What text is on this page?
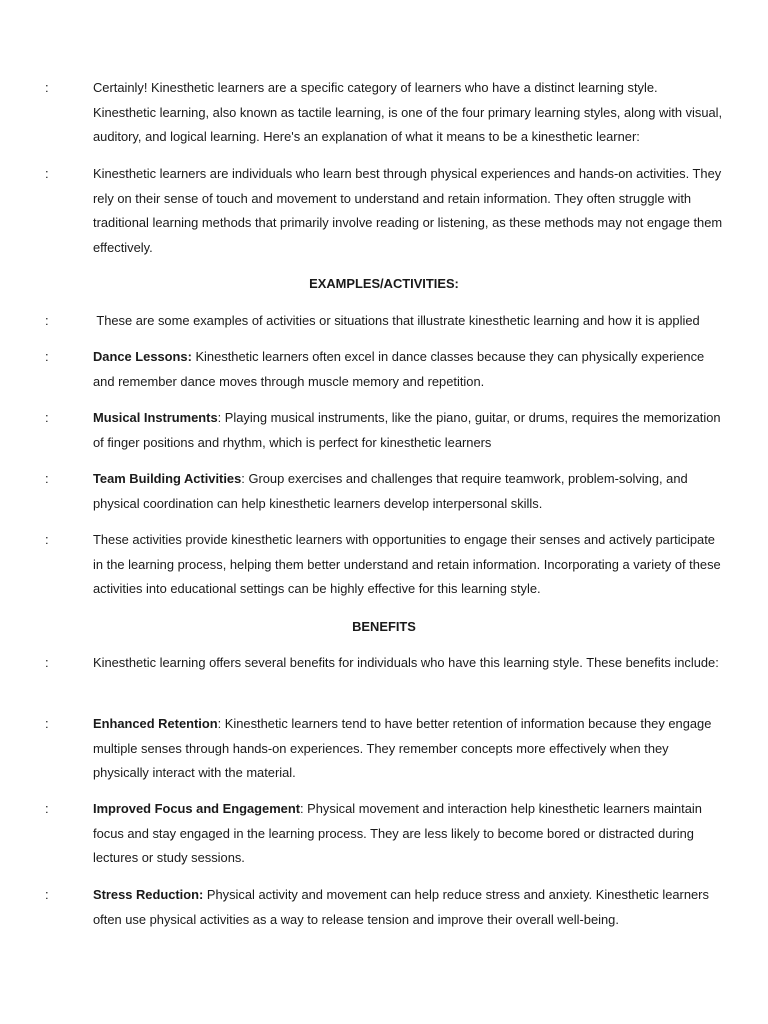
:	Certainly! Kinesthetic learners are a specific category of learners who have a distinct learning style. Kinesthetic learning, also known as tactile learning, is one of the four primary learning styles, along with visual, auditory, and logical learning. Here's an explanation of what it means to be a kinesthetic learner:

:	Kinesthetic learners are individuals who learn best through physical experiences and hands-on activities. They rely on their sense of touch and movement to understand and retain information. They often struggle with traditional learning methods that primarily involve reading or listening, as these methods may not engage them effectively.

EXAMPLES/ACTIVITIES:
:	These are some examples of activities or situations that illustrate kinesthetic learning and how it is applied

:	Dance Lessons: Kinesthetic learners often excel in dance classes because they can physically experience and remember dance moves through muscle memory and repetition.

:	Musical Instruments: Playing musical instruments, like the piano, guitar, or drums, requires the memorization of finger positions and rhythm, which is perfect for kinesthetic learners

:	Team Building Activities: Group exercises and challenges that require teamwork, problem-solving, and physical coordination can help kinesthetic learners develop interpersonal skills.

:	These activities provide kinesthetic learners with opportunities to engage their senses and actively participate in the learning process, helping them better understand and retain information. Incorporating a variety of these activities into educational settings can be highly effective for this learning style.

BENEFITS
:	Kinesthetic learning offers several benefits for individuals who have this learning style. These benefits include:

:	Enhanced Retention: Kinesthetic learners tend to have better retention of information because they engage multiple senses through hands-on experiences. They remember concepts more effectively when they physically interact with the material.

:	Improved Focus and Engagement: Physical movement and interaction help kinesthetic learners maintain focus and stay engaged in the learning process. They are less likely to become bored or distracted during lectures or study sessions.

:	Stress Reduction: Physical activity and movement can help reduce stress and anxiety. Kinesthetic learners often use physical activities as a way to release tension and improve their overall well-being.
